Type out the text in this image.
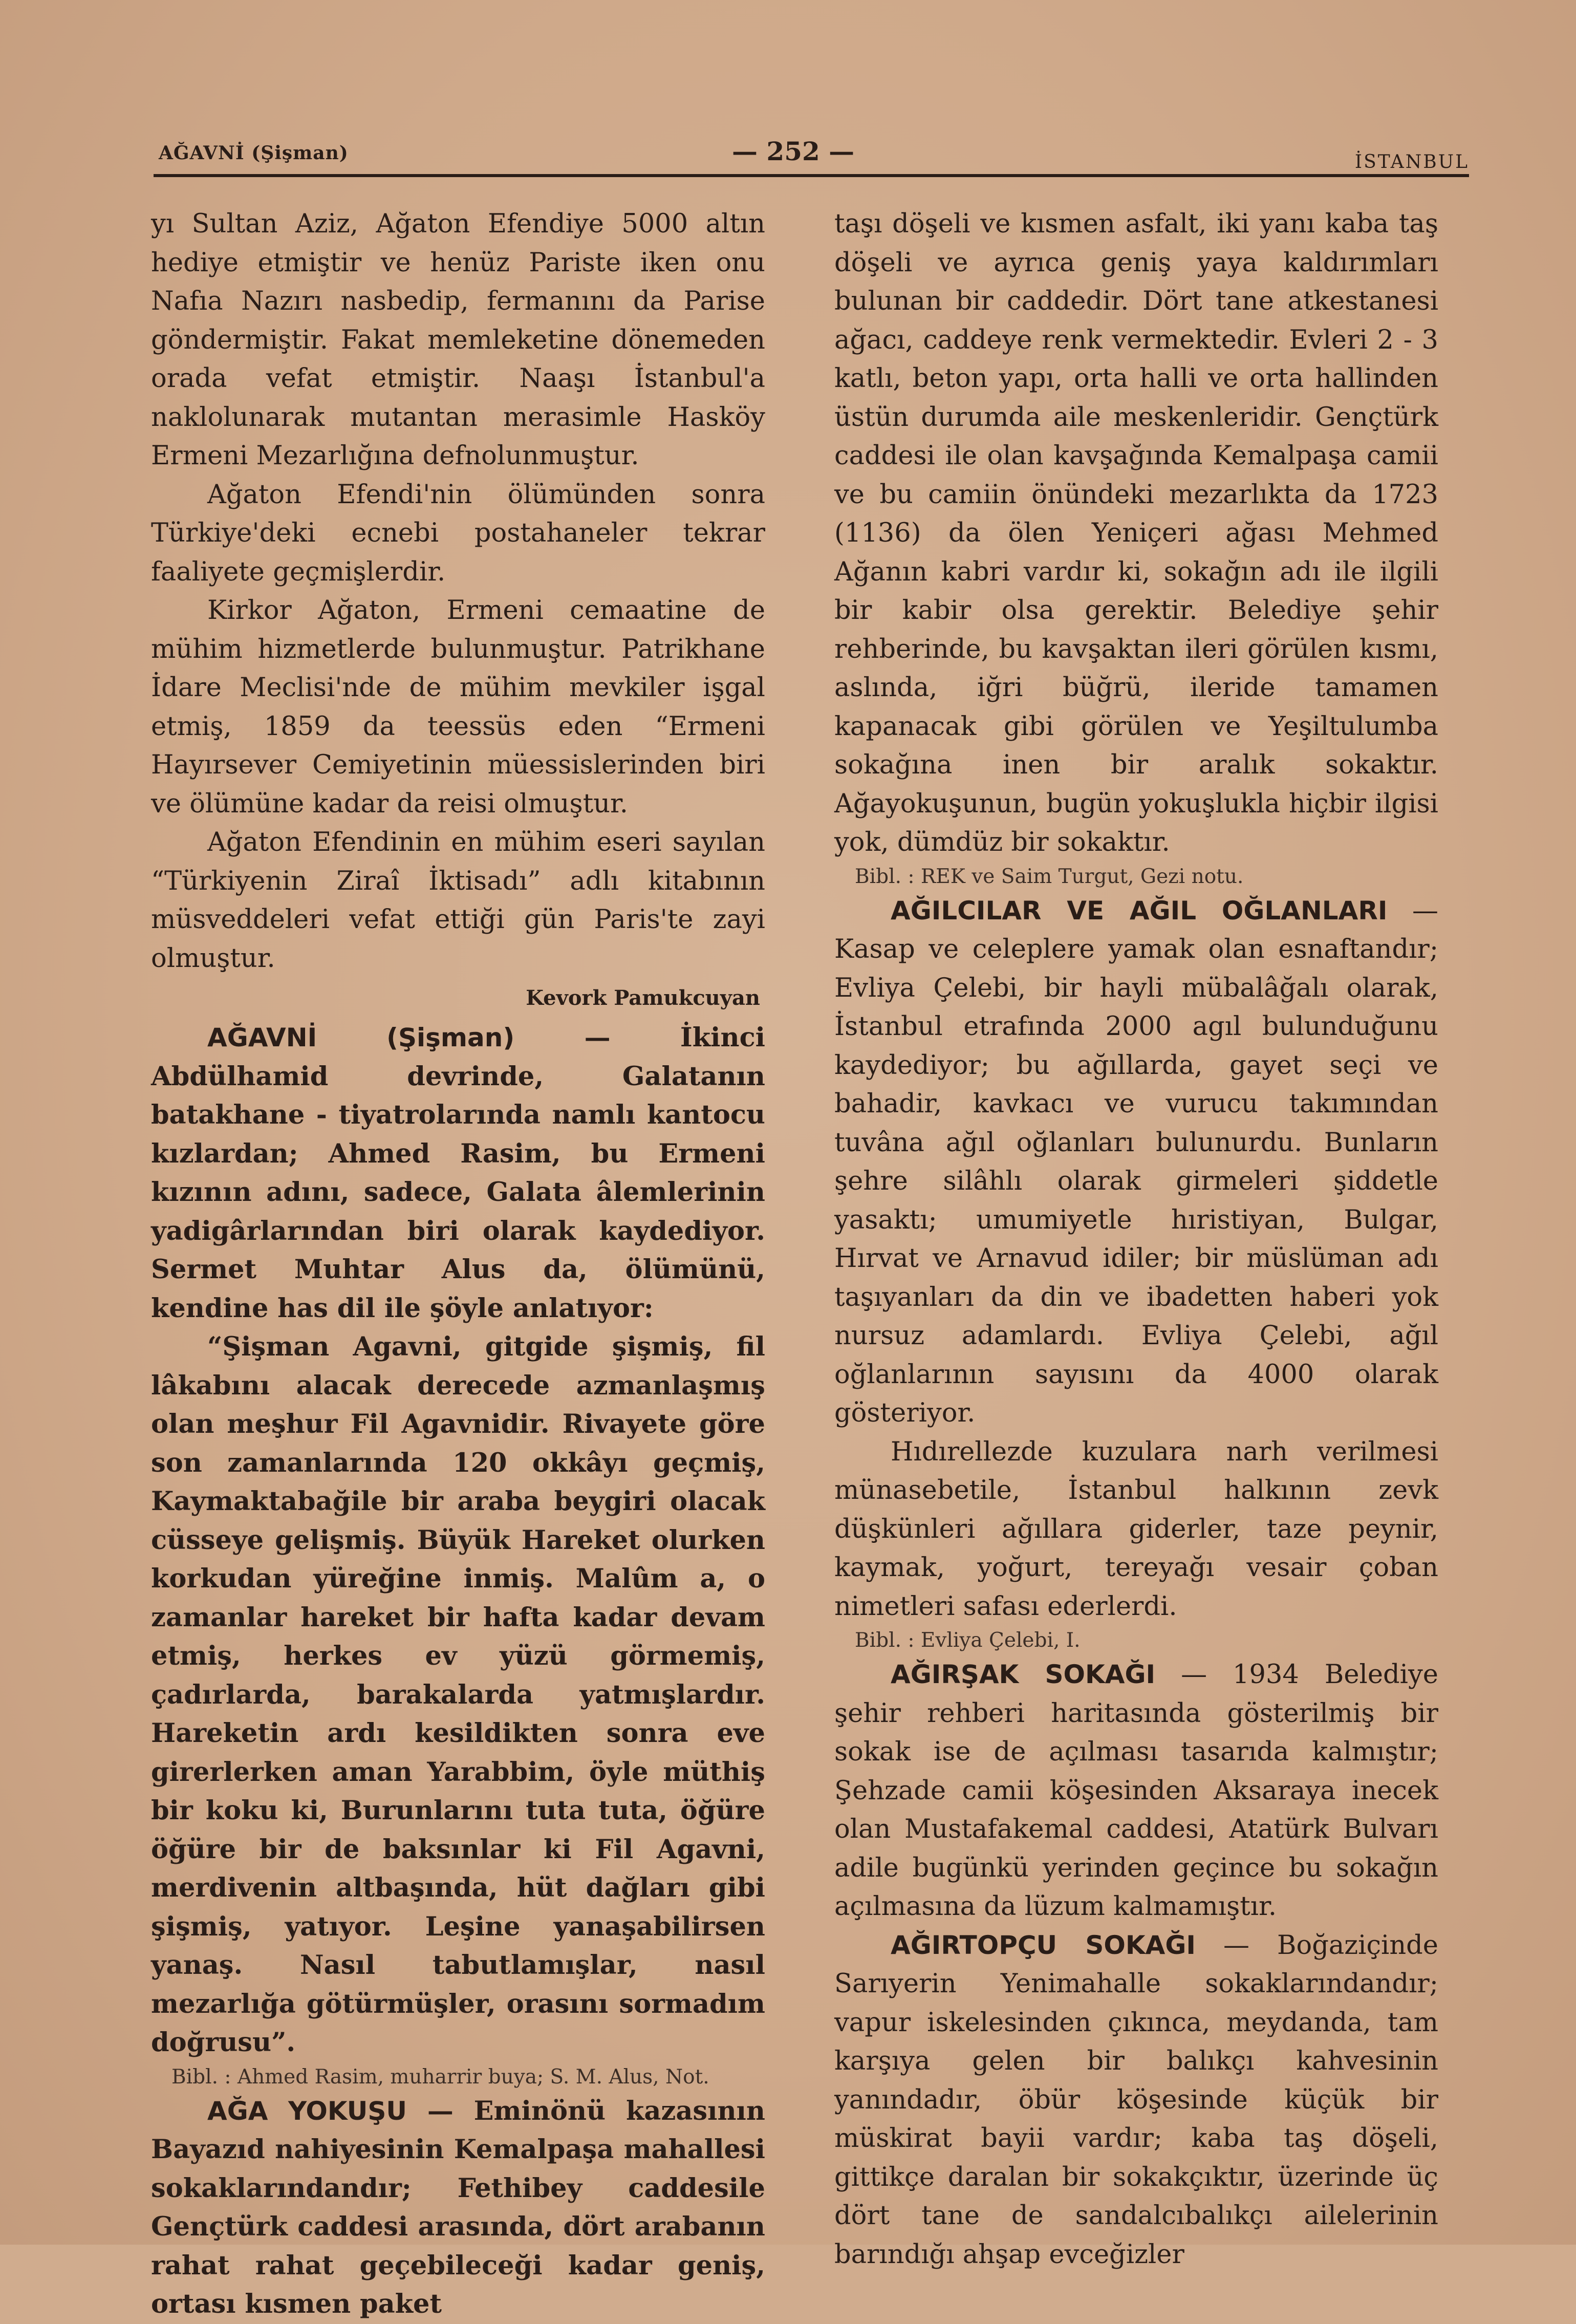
AĞAVNİ (Şişman)	— 252 —	İSTANBUL

yı Sultan Aziz, Ağaton Efendiye 5000 altın hediye etmiştir ve henüz Pariste iken onu Nafıa Nazırı nasbedip, fermanını da Parise göndermiştir. Fakat memleketine dönemeden orada vefat etmiştir. Naaşı İstanbul'a naklolunarak mutantan merasimle Hasköy Ermeni Mezarlığına defnolunmuştur.

Ağaton Efendi'nin ölümünden sonra Türkiye'deki ecnebi postahaneler tekrar faaliyete geçmişlerdir.

Kirkor Ağaton, Ermeni cemaatine de mühim hizmetlerde bulunmuştur. Patrikhane İdare Meclisi'nde de mühim mevkiler işgal etmiş, 1859 da teessüs eden “Ermeni Hayırsever Cemiyetinin müessislerinden biri ve ölümüne kadar da reisi olmuştur.

Ağaton Efendinin en mühim eseri sayılan “Türkiyenin Ziraî İktisadı” adlı kitabının müsveddeleri vefat ettiği gün Paris'te zayi olmuştur.

Kevork Pamukcuyan

AĞAVNİ (Şişman)	— İkinci Abdülhamid devrinde, Galatanın batakhane - tiyatrolarında namlı kantocu kızlardan; Ahmed Rasim, bu Ermeni kızının adını, sadece, Galata âlemlerinin yadigârlarından biri olarak kaydediyor. Sermet Muhtar Alus da, ölümünü, kendine has dil ile şöyle anlatıyor:

“Şişman Agavni, gitgide şişmiş, fil lâkabını alacak derecede azmanlaşmış olan meşhur Fil Agavnidir. Rivayete göre son zamanlarında 120 okkâyı geçmiş, Kaymaktabağile bir araba beygiri olacak cüsseye gelişmiş. Büyük Hareket olurken korkudan yüreğine inmiş. Malûm a, o zamanlar hareket bir hafta kadar devam etmiş, herkes ev yüzü görmemiş, çadırlarda, barakalarda yatmışlardır. Hareketin ardı kesildikten sonra eve girerlerken aman Yarabbim, öyle müthiş bir koku ki, Burunlarını tuta tuta, öğüre öğüre bir de baksınlar ki Fil Agavni, merdivenin altbaşında, hüt dağları gibi şişmiş, yatıyor. Leşine yanaşabilirsen yanaş. Nasıl tabutlamışlar, nasıl mezarlığa götürmüşler, orasını sormadım doğrusu”.

Bibl. : Ahmed Rasim, muharrir buya; S. M. Alus, Not.

AĞA YOKUŞU — Eminönü kazasının Bayazıd nahiyesinin Kemalpaşa mahallesi sokaklarındandır; Fethibey caddesile Gençtürk caddesi arasında, dört arabanın rahat rahat geçebileceği kadar geniş, ortası kısmen paket

taşı döşeli ve kısmen asfalt, iki yanı kaba taş döşeli ve ayrıca geniş yaya kaldırımları bulunan bir caddedir. Dört tane atkestanesi ağacı, caddeye renk vermektedir. Evleri 2 - 3 katlı, beton yapı, orta halli ve orta hallinden üstün durumda aile meskenleridir. Gençtürk caddesi ile olan kavşağında Kemalpaşa camii ve bu camiin önündeki mezarlıkta da 1723 (1136) da ölen Yeniçeri ağası Mehmed Ağanın kabri vardır ki, sokağın adı ile ilgili bir kabir olsa gerektir. Belediye şehir rehberinde, bu kavşaktan ileri görülen kısmı, aslında, iğri büğrü, ileride tamamen kapanacak gibi görülen ve Yeşiltulumba sokağına inen bir aralık sokaktır. Ağayokuşunun, bugün yokuşlukla hiçbir ilgisi yok, dümdüz bir sokaktır.

Bibl. : REK ve Saim Turgut, Gezi notu.

AĞILCILAR VE AĞIL OĞLANLARI — Kasap ve celeplere yamak olan esnaftandır; Evliya Çelebi, bir hayli mübalâğalı olarak, İstanbul etrafında 2000 agıl bulunduğunu kaydediyor; bu ağıllarda, gayet seçi ve bahadir, kavkacı ve vurucu takımından tuvâna ağıl oğlanları bulunurdu. Bunların şehre silâhlı olarak girmeleri şiddetle yasaktı; umumiyetle hıristiyan, Bulgar, Hırvat ve Arnavud idiler; bir müslüman adı taşıyanları da din ve ibadetten haberi yok nursuz adamlardı. Evliya Çelebi, ağıl oğlanlarının sayısını da 4000 olarak gösteriyor.

Hıdırellezde kuzulara narh verilmesi münasebetile, İstanbul halkının zevk düşkünleri ağıllara giderler, taze peynir, kaymak, yoğurt, tereyağı vesair çoban nimetleri safası ederlerdi.

Bibl. : Evliya Çelebi, I.

AĞIRŞAK SOKAĞI — 1934 Belediye şehir rehberi haritasında gösterilmiş bir sokak ise de açılması tasarıda kalmıştır; Şehzade camii köşesinden Aksaraya inecek olan Mustafakemal caddesi, Atatürk Bulvarı adile bugünkü yerinden geçince bu sokağın açılmasına da lüzum kalmamıştır.

AĞIRTOPÇU SOKAĞI — Boğaziçinde Sarıyerin Yenimahalle sokaklarındandır; vapur iskelesinden çıkınca, meydanda, tam karşıya gelen bir balıkçı kahvesinin yanındadır, öbür köşesinde küçük bir müskirat bayii vardır; kaba taş döşeli, gittikçe daralan bir sokakçıktır, üzerinde üç dört tane de sandalcıbalıkçı ailelerinin barındığı ahşap evceğizler
